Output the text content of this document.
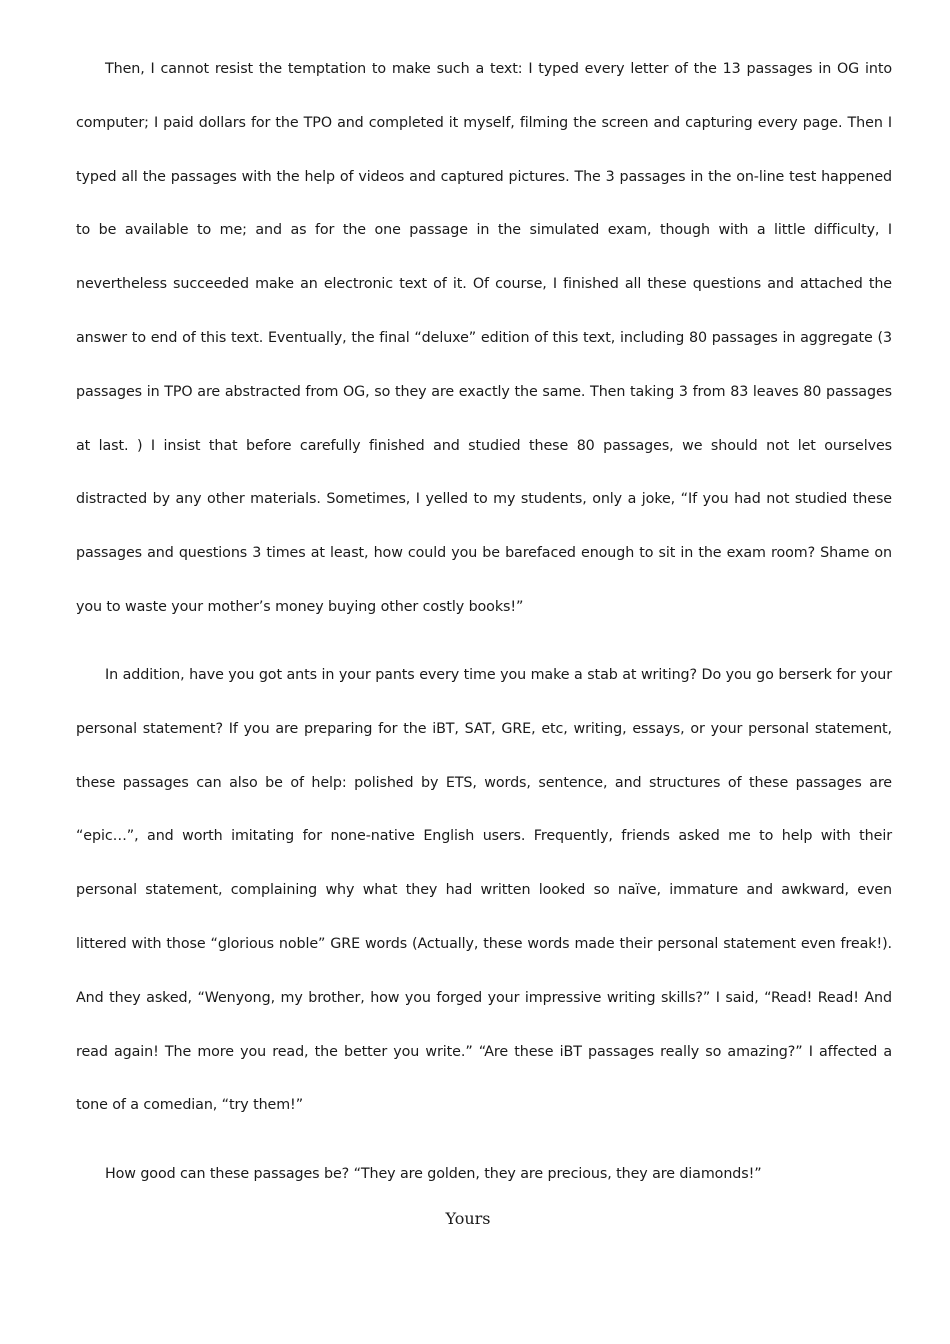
Then, I cannot resist the temptation to make such a text: I typed every letter of the 13 passages in OG into computer; I paid dollars for the TPO and completed it myself, filming the screen and capturing every page. Then I typed all the passages with the help of videos and captured pictures. The 3 passages in the on-line test happened to be available to me; and as for the one passage in the simulated exam, though with a little difficulty, I nevertheless succeeded make an electronic text of it. Of course, I finished all these questions and attached the answer to end of this text. Eventually, the final “deluxe” edition of this text, including 80 passages in aggregate (3 passages in TPO are abstracted from OG, so they are exactly the same. Then taking 3 from 83 leaves 80 passages at last. ) I insist that before carefully finished and studied these 80 passages, we should not let ourselves distracted by any other materials. Sometimes, I yelled to my students, only a joke, “If you had not studied these passages and questions 3 times at least, how could you be barefaced enough to sit in the exam room? Shame on you to waste your mother’s money buying other costly books!”

In addition, have you got ants in your pants every time you make a stab at writing? Do you go berserk for your personal statement? If you are preparing for the iBT, SAT, GRE, etc, writing, essays, or your personal statement, these passages can also be of help: polished by ETS, words, sentence, and structures of these passages are “epic…”, and worth imitating for none-native English users. Frequently, friends asked me to help with their personal statement, complaining why what they had written looked so naïve, immature and awkward, even littered with those “glorious noble” GRE words (Actually, these words made their personal statement even freak!). And they asked, “Wenyong, my brother, how you forged your impressive writing skills?” I said, “Read! Read! And read again! The more you read, the better you write.” “Are these iBT passages really so amazing?” I affected a tone of a comedian, “try them!”

How good can these passages be? “They are golden, they are precious, they are diamonds!”

Yours
